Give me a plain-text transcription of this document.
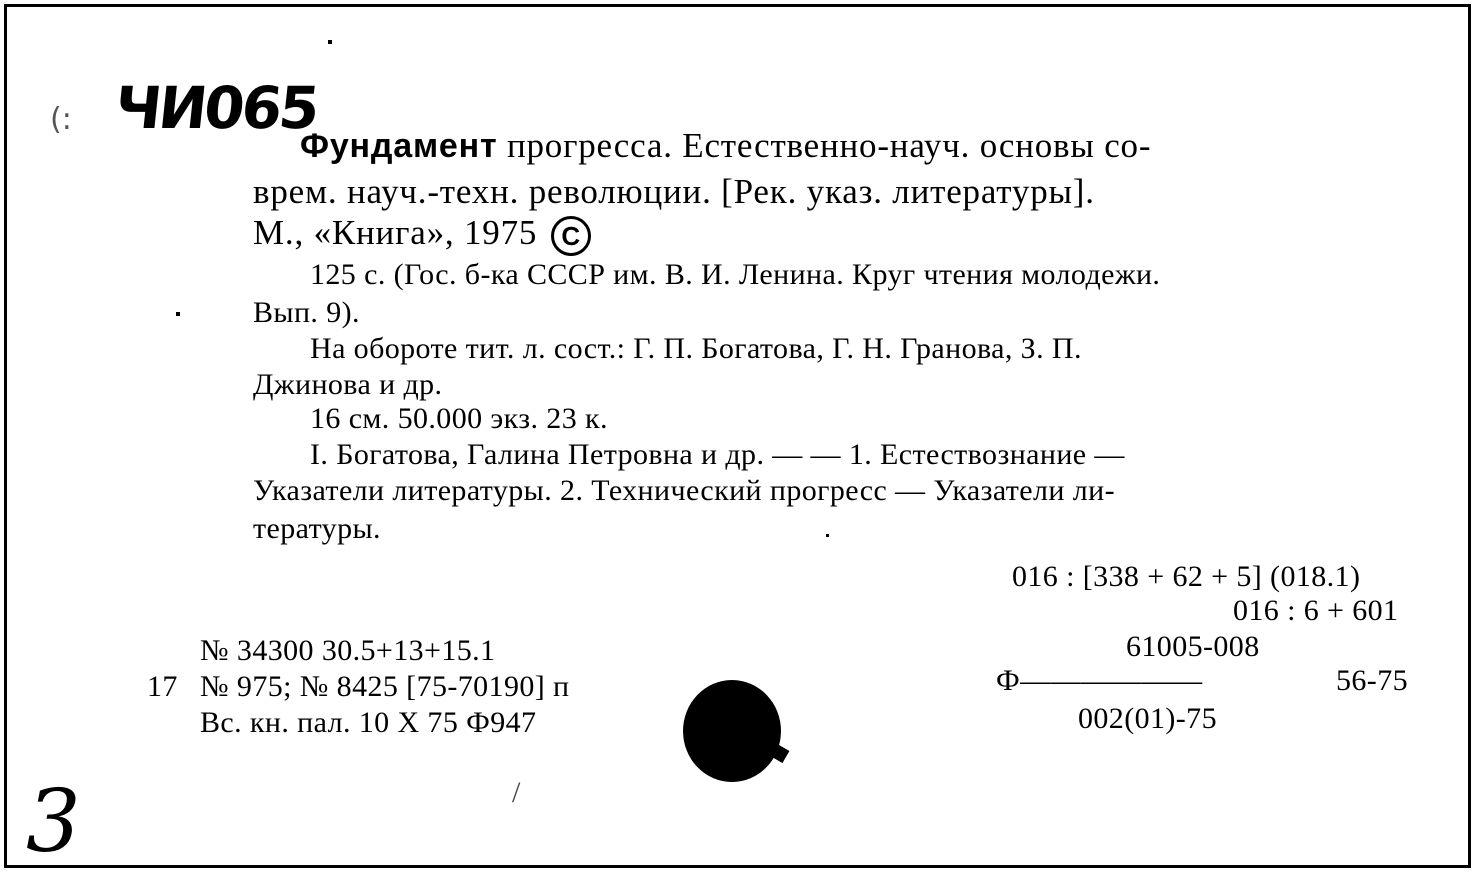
(: ЧИ065
3
Фундамент прогресса. Естественно-науч. основы со-
врем. науч.-техн. революции. [Рек. указ. литературы].
М., «Книга», 1975 C
125 с. (Гос. б-ка СССР им. В. И. Ленина. Круг чтения молодежи.
Вып. 9).
На обороте тит. л. сост.: Г. П. Богатова, Г. Н. Гранова, З. П.
Джинова и др.
16 см. 50.000 экз. 23 к.
I. Богатова, Галина Петровна и др. — — 1. Естествознание —
Указатели литературы. 2. Технический прогресс — Указатели ли-
тературы.
016 : [338 + 62 + 5] (018.1)
016 : 6 + 601
61005-008
Ф——————	56-75
002(01)-75
№ 34300 30.5+13+15.1
17 № 975; № 8425 [75-70190] п
Вс. кн. пал. 10 X 75 Ф947
/
